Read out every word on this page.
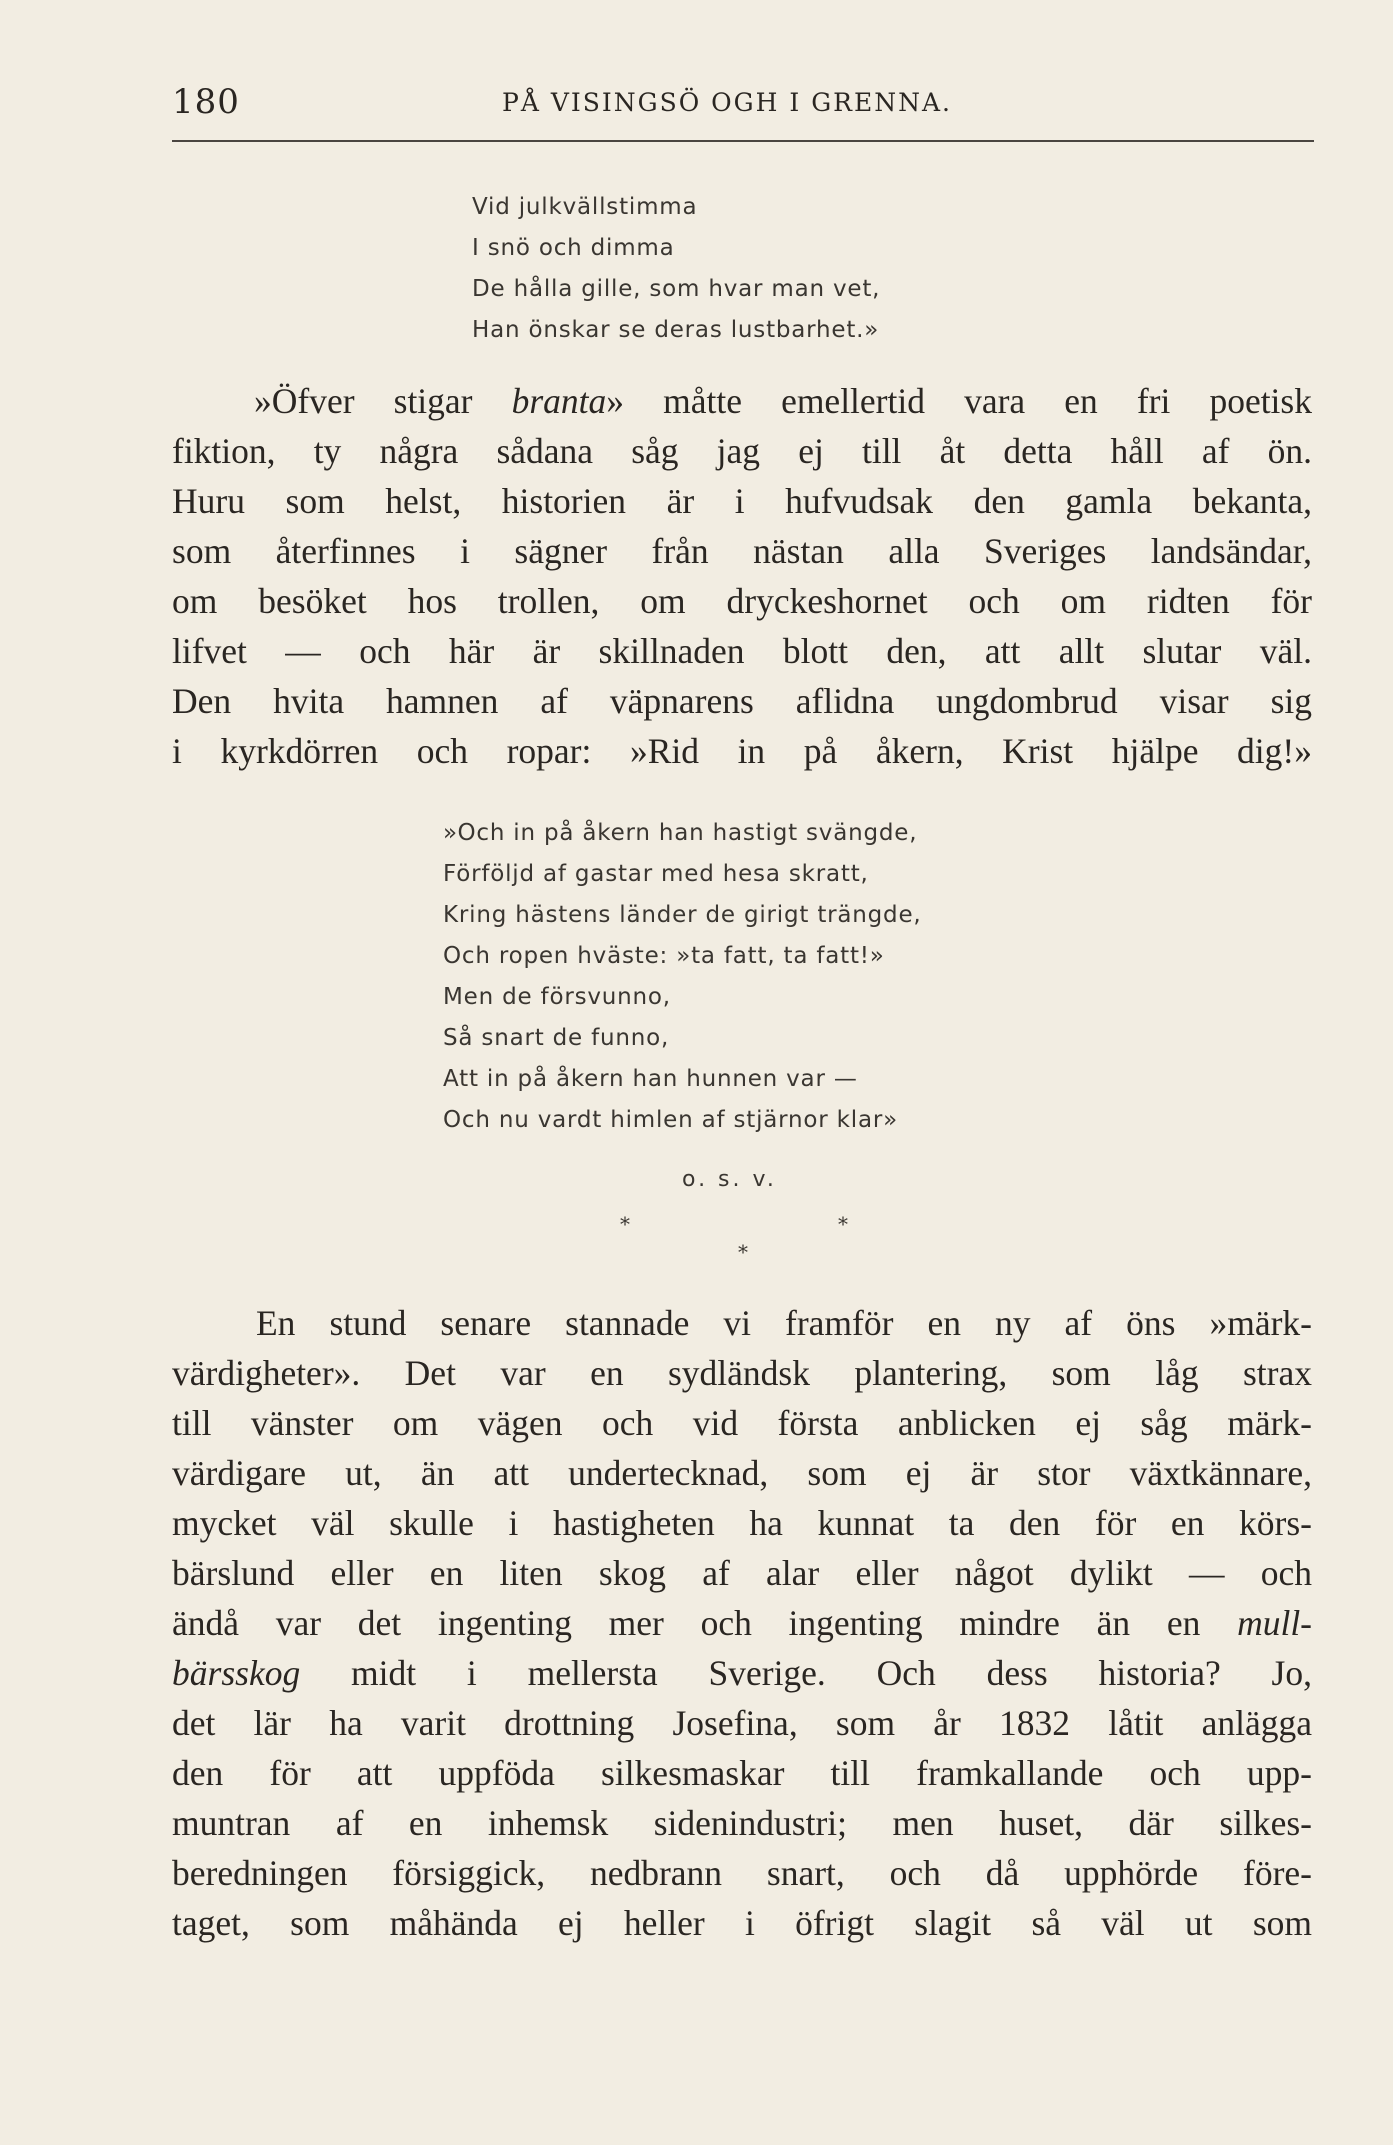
180	PÅ VISINGSÖ OGH I GRENNA.
Vid julkvällstimma
I snö och dimma
De hålla gille, som hvar man vet,
Han önskar se deras lustbarhet.»
»Öfver stigar branta» måtte emellertid vara en fri poetisk
fiktion, ty några sådana såg jag ej till åt detta håll af ön.
Huru som helst, historien är i hufvudsak den gamla bekanta,
som återfinnes i sägner från nästan alla Sveriges landsändar,
om besöket hos trollen, om dryckeshornet och om ridten för
lifvet — och här är skillnaden blott den, att allt slutar väl.
Den hvita hamnen af väpnarens aflidna ungdombrud visar sig
i kyrkdörren och ropar: »Rid in på åkern, Krist hjälpe dig!»
»Och in på åkern han hastigt svängde,
Förföljd af gastar med hesa skratt,
Kring hästens länder de girigt trängde,
Och ropen hväste: »ta fatt, ta fatt!»
Men de försvunno,
Så snart de funno,
Att in på åkern han hunnen var —
Och nu vardt himlen af stjärnor klar»
o. s. v.
*	*
*
En stund senare stannade vi framför en ny af öns »märk-
värdigheter». Det var en sydländsk plantering, som låg strax
till vänster om vägen och vid första anblicken ej såg märk-
värdigare ut, än att undertecknad, som ej är stor växtkännare,
mycket väl skulle i hastigheten ha kunnat ta den för en körs-
bärslund eller en liten skog af alar eller något dylikt — och
ändå var det ingenting mer och ingenting mindre än en mull-
bärsskog midt i mellersta Sverige. Och dess historia? Jo,
det lär ha varit drottning Josefina, som år 1832 låtit anlägga
den för att uppföda silkesmaskar till framkallande och upp-
muntran af en inhemsk sidenindustri; men huset, där silkes-
beredningen försiggick, nedbrann snart, och då upphörde före-
taget, som måhända ej heller i öfrigt slagit så väl ut som
